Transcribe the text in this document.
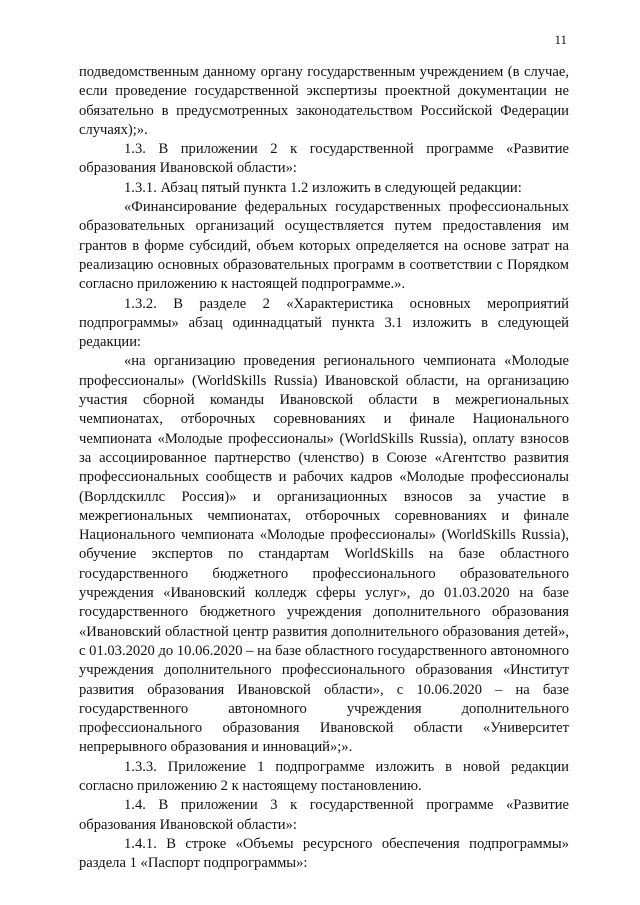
11

подведомственным данному органу государственным учреждением (в случае, если проведение государственной экспертизы проектной документации не обязательно в предусмотренных законодательством Российской Федерации случаях);».

1.3. В приложении 2 к государственной программе «Развитие образования Ивановской области»:

1.3.1. Абзац пятый пункта 1.2 изложить в следующей редакции:

«Финансирование федеральных государственных профессиональных образовательных организаций осуществляется путем предоставления им грантов в форме субсидий, объем которых определяется на основе затрат на реализацию основных образовательных программ в соответствии с Порядком согласно приложению к настоящей подпрограмме.».

1.3.2. В разделе 2 «Характеристика основных мероприятий подпрограммы» абзац одиннадцатый пункта 3.1 изложить в следующей редакции:

«на организацию проведения регионального чемпионата «Молодые профессионалы» (WorldSkills Russia) Ивановской области, на организацию участия сборной команды Ивановской области в межрегиональных чемпионатах, отборочных соревнованиях и финале Национального чемпионата «Молодые профессионалы» (WorldSkills Russia), оплату взносов за ассоциированное партнерство (членство) в Союзе «Агентство развития профессиональных сообществ и рабочих кадров «Молодые профессионалы (Ворлдскиллс Россия)» и организационных взносов за участие в межрегиональных чемпионатах, отборочных соревнованиях и финале Национального чемпионата «Молодые профессионалы» (WorldSkills Russia), обучение экспертов по стандартам WorldSkills на базе областного государственного бюджетного профессионального образовательного учреждения «Ивановский колледж сферы услуг», до 01.03.2020 на базе государственного бюджетного учреждения дополнительного образования «Ивановский областной центр развития дополнительного образования детей», с 01.03.2020 до 10.06.2020 – на базе областного государственного автономного учреждения дополнительного профессионального образования «Институт развития образования Ивановской области», с 10.06.2020 – на базе государственного автономного учреждения дополнительного профессионального образования Ивановской области «Университет непрерывного образования и инноваций»;».

1.3.3. Приложение 1 подпрограмме изложить в новой редакции согласно приложению 2 к настоящему постановлению.

1.4. В приложении 3 к государственной программе «Развитие образования Ивановской области»:

1.4.1. В строке «Объемы ресурсного обеспечения подпрограммы» раздела 1 «Паспорт подпрограммы»:
